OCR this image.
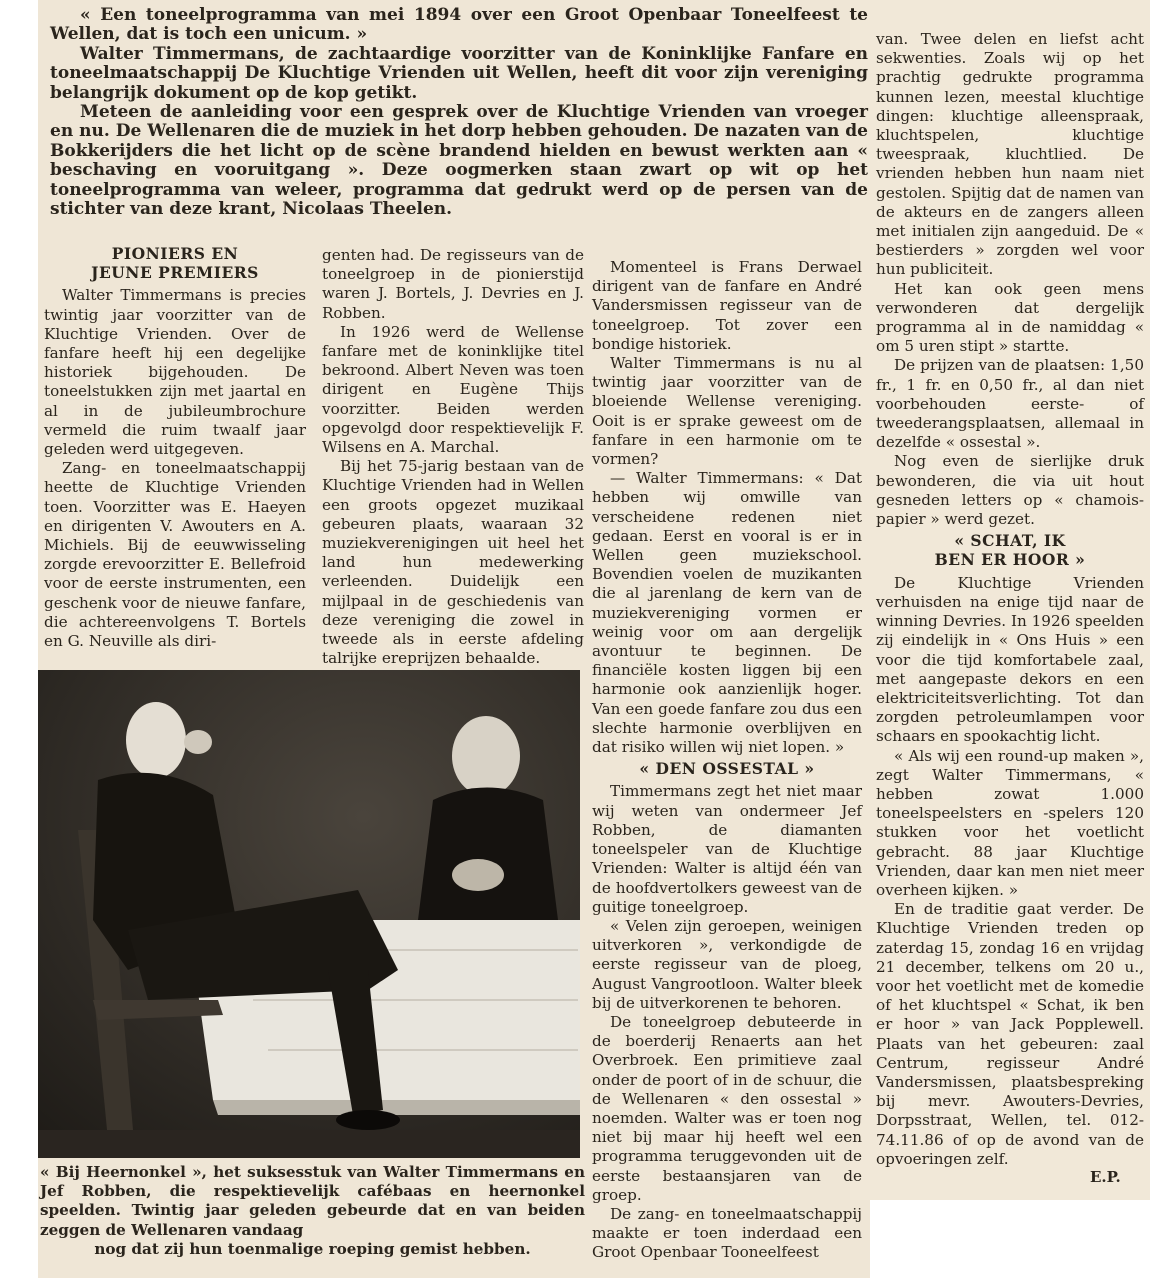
« Een toneelprogramma van mei 1894 over een Groot Openbaar Toneelfeest te Wellen, dat is toch een unicum. »

Walter Timmermans, de zachtaardige voorzitter van de Koninklijke Fanfare en toneelmaatschappij De Kluchtige Vrienden uit Wellen, heeft dit voor zijn vereniging belangrijk dokument op de kop getikt.

Meteen de aanleiding voor een gesprek over de Kluchtige Vrienden van vroeger en nu. De Wellenaren die de muziek in het dorp hebben gehouden. De nazaten van de Bokkerijders die het licht op de scène brandend hielden en bewust werkten aan « beschaving en vooruitgang ». Deze oogmerken staan zwart op wit op het toneelprogramma van weleer, programma dat gedrukt werd op de persen van de stichter van deze krant, Nicolaas Theelen.

PIONIERS EN
JEUNE PREMIERS

Walter Timmermans is precies twintig jaar voorzitter van de Kluchtige Vrienden. Over de fanfare heeft hij een degelijke historiek bijgehouden. De toneelstukken zijn met jaartal en al in de jubileumbrochure vermeld die ruim twaalf jaar geleden werd uitgegeven.

Zang- en toneelmaatschappij heette de Kluchtige Vrienden toen. Voorzitter was E. Haeyen en dirigenten V. Awouters en A. Michiels. Bij de eeuwwisseling zorgde erevoorzitter E. Bellefroid voor de eerste instrumenten, een geschenk voor de nieuwe fanfare, die achtereenvolgens T. Bortels en G. Neuville als diri-

genten had. De regisseurs van de toneelgroep in de pionierstijd waren J. Bortels, J. Devries en J. Robben.

In 1926 werd de Wellense fanfare met de koninklijke titel bekroond. Albert Neven was toen dirigent en Eugène Thijs voorzitter. Beiden werden opgevolgd door respektievelijk F. Wilsens en A. Marchal.

Bij het 75-jarig bestaan van de Kluchtige Vrienden had in Wellen een groots opgezet muzikaal gebeuren plaats, waaraan 32 muziekverenigingen uit heel het land hun medewerking verleenden. Duidelijk een mijlpaal in de geschiedenis van deze vereniging die zowel in tweede als in eerste afdeling talrijke ereprijzen behaalde.

Momenteel is Frans Derwael dirigent van de fanfare en André Vandersmissen regisseur van de toneelgroep. Tot zover een bondige historiek.

Walter Timmermans is nu al twintig jaar voorzitter van de bloeiende Wellense vereniging. Ooit is er sprake geweest om de fanfare in een harmonie om te vormen?

— Walter Timmermans: « Dat hebben wij omwille van verscheidene redenen niet gedaan. Eerst en vooral is er in Wellen geen muziekschool. Bovendien voelen de muzikanten die al jarenlang de kern van de muziekvereniging vormen er weinig voor om aan dergelijk avontuur te beginnen. De financiële kosten liggen bij een harmonie ook aanzienlijk hoger. Van een goede fanfare zou dus een slechte harmonie overblijven en dat risiko willen wij niet lopen. »

« DEN OSSESTAL »

Timmermans zegt het niet maar wij weten van ondermeer Jef Robben, de diamanten toneelspeler van de Kluchtige Vrienden: Walter is altijd één van de hoofdvertolkers geweest van de guitige toneelgroep.

« Velen zijn geroepen, weinigen uitverkoren », verkondigde de eerste regisseur van de ploeg, August Vangrootloon. Walter bleek bij de uitverkorenen te behoren.

De toneelgroep debuteerde in de boerderij Renaerts aan het Overbroek. Een primitieve zaal onder de poort of in de schuur, die de Wellenaren « den ossestal » noemden. Walter was er toen nog niet bij maar hij heeft wel een programma teruggevonden uit de eerste bestaansjaren van de groep.

De zang- en toneelmaatschappij maakte er toen inderdaad een Groot Openbaar Tooneelfeest

van. Twee delen en liefst acht sekwenties. Zoals wij op het prachtig gedrukte programma kunnen lezen, meestal kluchtige dingen: kluchtige alleenspraak, kluchtspelen, kluchtige tweespraak, kluchtlied. De vrienden hebben hun naam niet gestolen. Spijtig dat de namen van de akteurs en de zangers alleen met initialen zijn aangeduid. De « bestierders » zorgden wel voor hun publiciteit.

Het kan ook geen mens verwonderen dat dergelijk programma al in de namiddag « om 5 uren stipt » startte.

De prijzen van de plaatsen: 1,50 fr., 1 fr. en 0,50 fr., al dan niet voorbehouden eerste- of tweederangsplaatsen, allemaal in dezelfde « ossestal ».

Nog even de sierlijke druk bewonderen, die via uit hout gesneden letters op « chamois-papier » werd gezet.

« SCHAT, IK
BEN ER HOOR »

De Kluchtige Vrienden verhuisden na enige tijd naar de winning Devries. In 1926 speelden zij eindelijk in « Ons Huis » een voor die tijd komfortabele zaal, met aangepaste dekors en een elektriciteitsverlichting. Tot dan zorgden petroleumlampen voor schaars en spookachtig licht.

« Als wij een round-up maken », zegt Walter Timmermans, « hebben zowat 1.000 toneelspeelsters en -spelers 120 stukken voor het voetlicht gebracht. 88 jaar Kluchtige Vrienden, daar kan men niet meer overheen kijken. »

En de traditie gaat verder. De Kluchtige Vrienden treden op zaterdag 15, zondag 16 en vrijdag 21 december, telkens om 20 u., voor het voetlicht met de komedie of het kluchtspel « Schat, ik ben er hoor » van Jack Popplewell. Plaats van het gebeuren: zaal Centrum, regisseur André Vandersmissen, plaatsbespreking bij mevr. Awouters-Devries, Dorpsstraat, Wellen, tel. 012-74.11.86 of op de avond van de opvoeringen zelf.

« Bij Heernonkel », het suksesstuk van Walter Timmermans en Jef Robben, die respektievelijk cafébaas en heernonkel speelden. Twintig jaar geleden gebeurde dat en van beiden zeggen de Wellenaren vandaag
nog dat zij hun toenmalige roeping gemist hebben.
E.P.
